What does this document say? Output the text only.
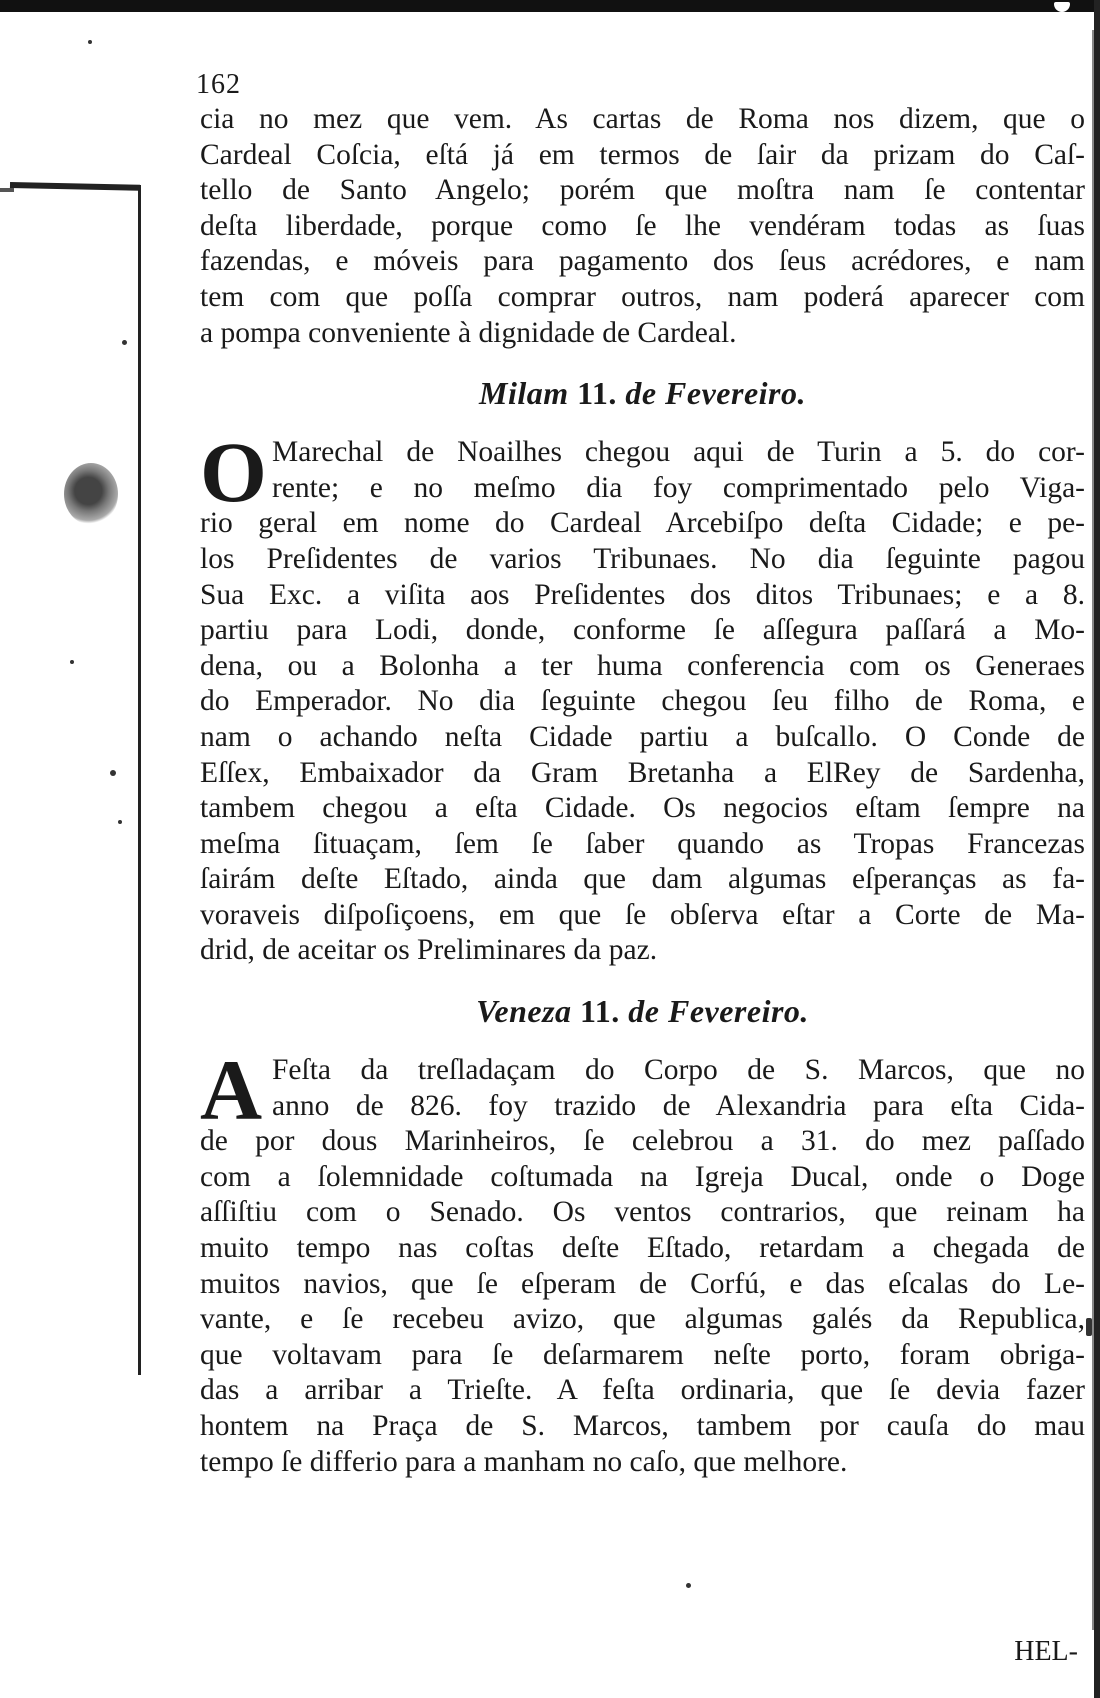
162
cia no mez que vem. As cartas de Roma nos dizem, que o
Cardeal Coſcia, eſtá já em termos de ſair da prizam do Caſ-
tello de Santo Angelo; porém que moſtra nam ſe contentar
deſta liberdade, porque como ſe lhe vendéram todas as ſuas
fazendas, e móveis para pagamento dos ſeus acrédores, e nam
tem com que poſſa comprar outros, nam poderá aparecer com
a pompa conveniente à dignidade de Cardeal.
Milam 11. de Fevereiro.
O Marechal de Noailhes chegou aqui de Turin a 5. do cor-
rente; e no meſmo dia foy comprimentado pelo Viga-
rio geral em nome do Cardeal Arcebiſpo deſta Cidade; e pe-
los Preſidentes de varios Tribunaes. No dia ſeguinte pagou
Sua Exc. a viſita aos Preſidentes dos ditos Tribunaes; e a 8.
partiu para Lodi, donde, conforme ſe aſſegura paſſará a Mo-
dena, ou a Bolonha a ter huma conferencia com os Generaes
do Emperador. No dia ſeguinte chegou ſeu filho de Roma, e
nam o achando neſta Cidade partiu a buſcallo. O Conde de
Eſſex, Embaixador da Gram Bretanha a ElRey de Sardenha,
tambem chegou a eſta Cidade. Os negocios eſtam ſempre na
meſma ſituaçam, ſem ſe ſaber quando as Tropas Francezas
ſairám deſte Eſtado, ainda que dam algumas eſperanças as fa-
voraveis diſpoſiçoens, em que ſe obſerva eſtar a Corte de Ma-
drid, de aceitar os Preliminares da paz.
Veneza 11. de Fevereiro.
A Feſta da treſladaçam do Corpo de S. Marcos, que no
anno de 826. foy trazido de Alexandria para eſta Cida-
de por dous Marinheiros, ſe celebrou a 31. do mez paſſado
com a ſolemnidade coſtumada na Igreja Ducal, onde o Doge
aſſiſtiu com o Senado. Os ventos contrarios, que reinam ha
muito tempo nas coſtas deſte Eſtado, retardam a chegada de
muitos navios, que ſe eſperam de Corfú, e das eſcalas do Le-
vante, e ſe recebeu avizo, que algumas galés da Republica,
que voltavam para ſe deſarmarem neſte porto, foram obriga-
das a arribar a Trieſte. A feſta ordinaria, que ſe devia fazer
hontem na Praça de S. Marcos, tambem por cauſa do mau
tempo ſe differio para a manham no caſo, que melhore.
HEL-
